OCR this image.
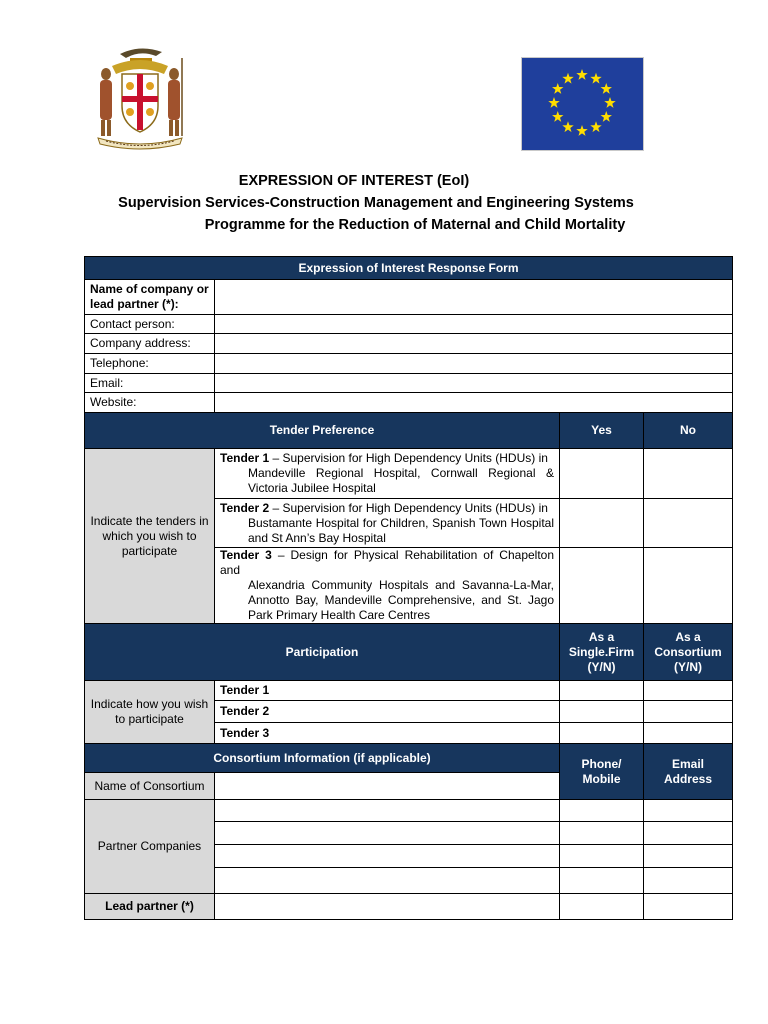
EXPRESSION OF INTEREST (EoI)
Supervision Services-Construction Management and Engineering Systems
Programme for the Reduction of Maternal and Child Mortality
Expression of Interest Response Form			
Name of company or lead partner (*):			
Contact person:			
Company address:			
Telephone:			
Email:			
Website:			
Tender Preference		Yes	No
Indicate the tenders in which you wish to participate	Tender 1 – Supervision for High Dependency Units (HDUs) in
Mandeville Regional Hospital, Cornwall Regional & Victoria Jubilee Hospital		

	Tender 2 – Supervision for High Dependency Units (HDUs) in
Bustamante Hospital for Children, Spanish Town Hospital and St Ann’s Bay Hospital		

	Tender 3 – Design for Physical Rehabilitation of Chapelton and
Alexandria Community Hospitals and Savanna-La-Mar, Annotto Bay, Mandeville Comprehensive, and St. Jago Park Primary Health Care Centres		

Participation		As a Single.Firm (Y/N)	As a Consortium (Y/N)
Indicate how you wish to participate	Tender 1		
	Tender 2		
	Tender 3		
Consortium Information (if applicable)		Phone/ Mobile	Email Address
Name of Consortium			
Partner Companies			

Lead partner (*)			
